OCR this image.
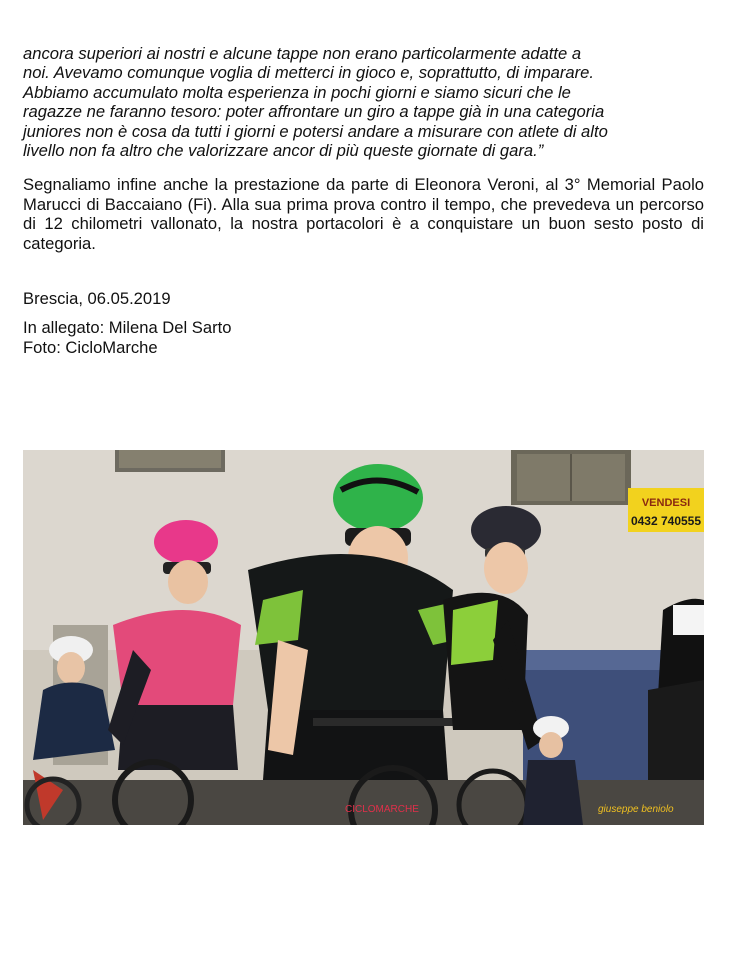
ancora superiori ai nostri e alcune tappe non erano particolarmente adatte a
noi. Avevamo comunque voglia di metterci in gioco e, soprattutto, di imparare.
Abbiamo accumulato molta esperienza in pochi giorni e siamo sicuri che le
ragazze ne faranno tesoro: poter affrontare un giro a tappe già in una categoria
juniores non è cosa da tutti i giorni e potersi andare a misurare con atlete di alto
livello non fa altro che valorizzare ancor di più queste giornate di gara.”

Segnaliamo infine anche la prestazione da parte di Eleonora Veroni, al 3° Memorial Paolo Marucci di Baccaiano (Fi). Alla sua prima prova contro il tempo, che prevedeva un percorso di 12 chilometri vallonato, la nostra portacolori è a conquistare un buon sesto posto di categoria.

Brescia, 06.05.2019

In allegato: Milena Del Sarto

Foto: CicloMarche

VENDESI
0432 740555
CICLOMARCHE	giuseppe beniolo
